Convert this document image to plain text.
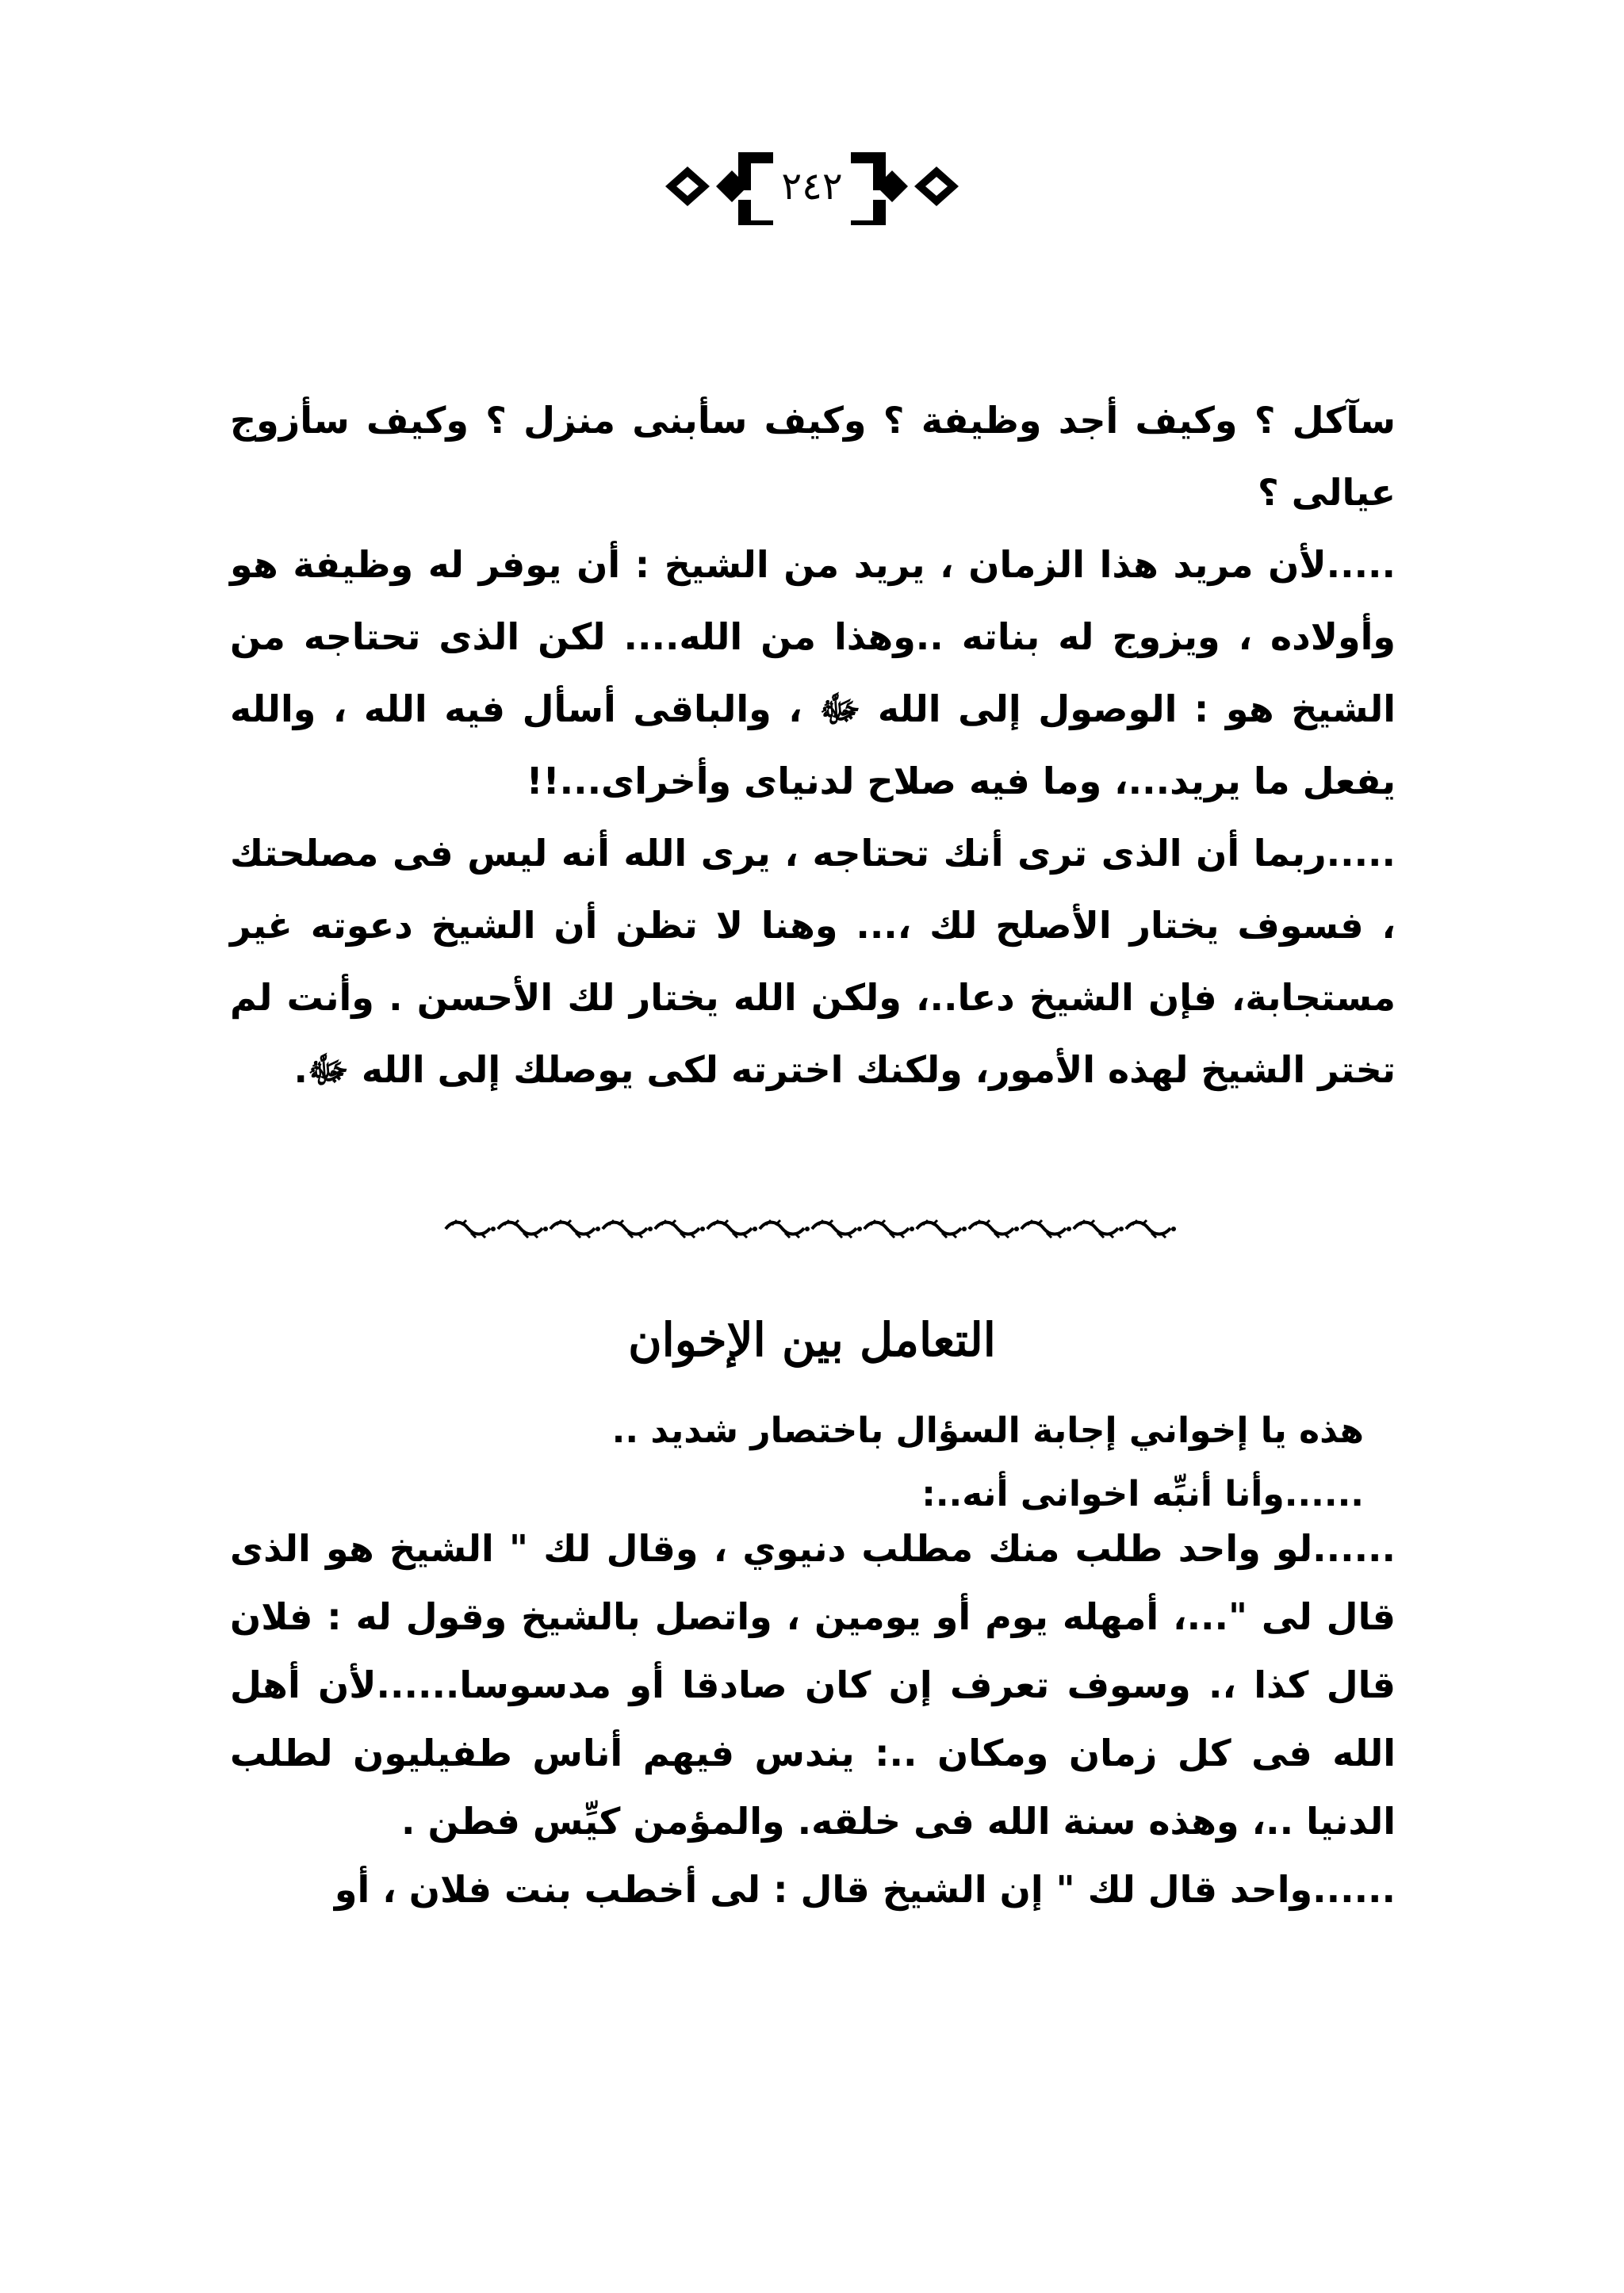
٢٤٢

سآكل ؟ وكيف أجد وظيفة ؟ وكيف سأبنى منزل ؟ وكيف سأزوج عيالى ؟

.....لأن مريد هذا الزمان ، يريد من الشيخ : أن يوفر له وظيفة هو وأولاده ، ويزوج له بناته ..وهذا من الله.... لكن الذى تحتاجه من الشيخ هو : الوصول إلى الله ﷻ ، والباقى أسأل فيه الله ، والله يفعل ما يريد...، وما فيه صلاح لدنياى وأخراى...!!

.....ربما أن الذى ترى أنك تحتاجه ، يرى الله أنه ليس فى مصلحتك ، فسوف يختار الأصلح لك ،... وهنا لا تظن أن الشيخ دعوته غير مستجابة، فإن الشيخ دعا..، ولكن الله يختار لك الأحسن . وأنت لم تختر الشيخ لهذه الأمور، ولكنك اخترته لكى يوصلك إلى الله ﷻ.

التعامل بين الإخوان
هذه يا إخواني إجابة السؤال باختصار شديد ..
......وأنا أنبِّه اخوانى أنه..:

......لو واحد طلب منك مطلب دنيوي ، وقال لك " الشيخ هو الذى قال لى "...، أمهله يوم أو يومين ، واتصل بالشيخ وقول له : فلان قال كذا ،. وسوف تعرف إن كان صادقا أو مدسوسا......لأن أهل الله فى كل زمان ومكان ..: يندس فيهم أناس طفيليون لطلب الدنيا ..، وهذه سنة الله فى خلقه. والمؤمن كيِّس فطن .

......واحد قال لك " إن الشيخ قال : لى أخطب بنت فلان ، أو
